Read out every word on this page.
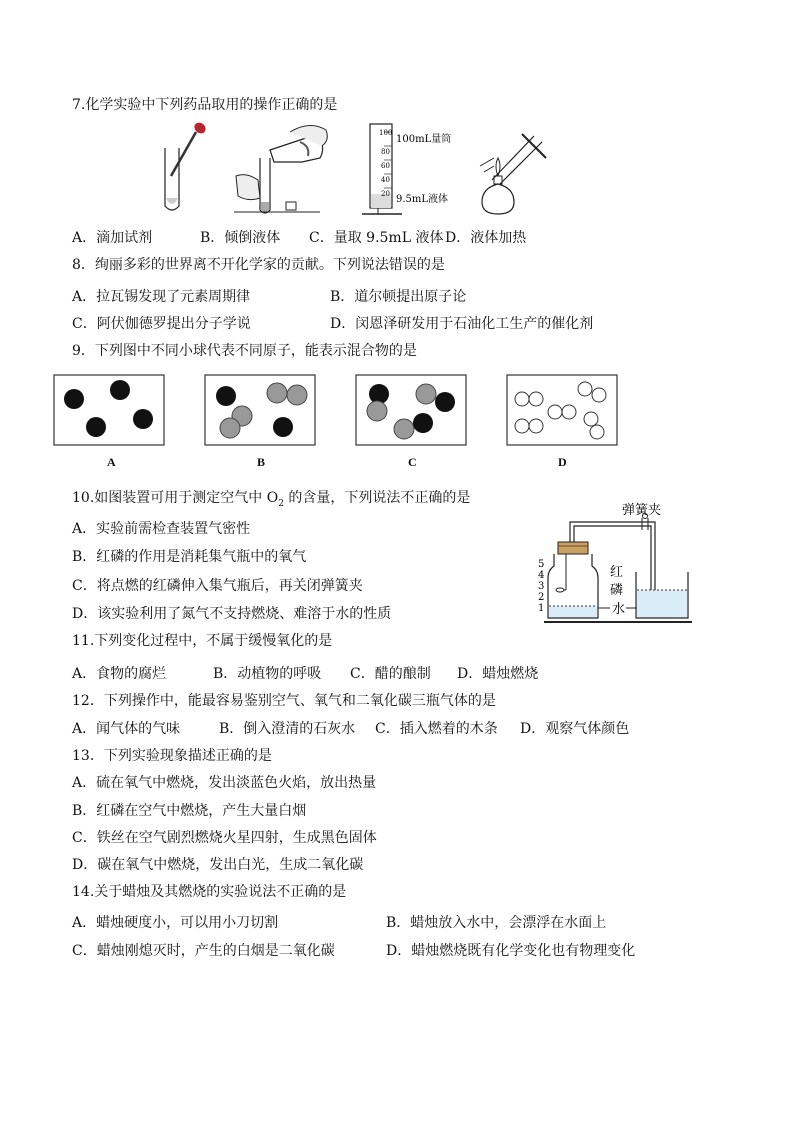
7.化学实验中下列药品取用的操作正确的是
100
80
60
40
20
100mL量筒
9.5mL液体
A．滴加试剂	B．倾倒液体 C．量取 9.5mL 液体 D．液体加热
8．绚丽多彩的世界离不开化学家的贡献。下列说法错误的是
A．拉瓦锡发现了元素周期律	B．道尔顿提出原子论
C．阿伏伽德罗提出分子学说	D．闵恩泽研发用于石油化工生产的催化剂
9．下列图中不同小球代表不同原子，能表示混合物的是
A	B	C	D
10.如图装置可用于测定空气中 $O_2$ 的含量，下列说法不正确的是
A．实验前需检查装置气密性
B．红磷的作用是消耗集气瓶中的氧气
C．将点燃的红磷伸入集气瓶后，再关闭弹簧夹
D．该实验利用了氮气不支持燃烧、难溶于水的性质
弹簧夹
5
4
3
2
1
红
磷
水
11.下列变化过程中，不属于缓慢氧化的是
A．食物的腐烂	B．动植物的呼吸 C．醋的酿制 D．蜡烛燃烧
12．下列操作中，能最容易鉴别空气、氧气和二氧化碳三瓶气体的是
A．闻气体的气味	B．倒入澄清的石灰水 C．插入燃着的木条 D．观察气体颜色
13．下列实验现象描述正确的是
A．硫在氧气中燃烧，发出淡蓝色火焰，放出热量
B．红磷在空气中燃烧，产生大量白烟
C．铁丝在空气剧烈燃烧火星四射，生成黑色固体
D．碳在氧气中燃烧，发出白光，生成二氧化碳
14.关于蜡烛及其燃烧的实验说法不正确的是
A．蜡烛硬度小，可以用小刀切割	B．蜡烛放入水中，会漂浮在水面上
C．蜡烛刚熄灭时，产生的白烟是二氧化碳	D．蜡烛燃烧既有化学变化也有物理变化
